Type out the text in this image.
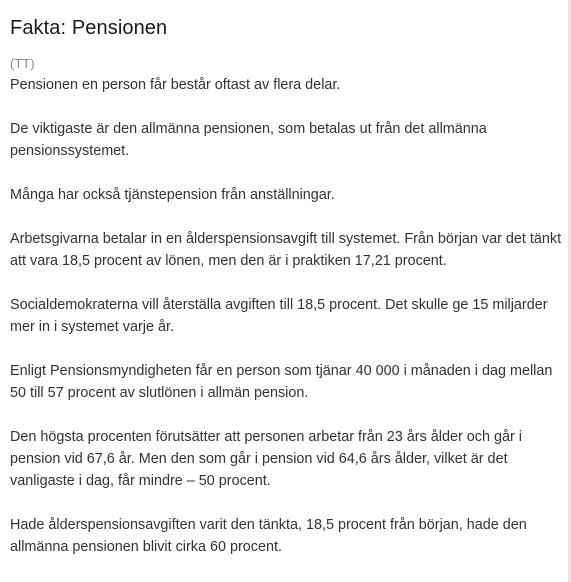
Fakta: Pensionen
(TT)

Pensionen en person får består oftast av flera delar.

De viktigaste är den allmänna pensionen, som betalas ut från det allmänna pensionssystemet.

Många har också tjänstepension från anställningar.

Arbetsgivarna betalar in en ålderspensionsavgift till systemet. Från början var det tänkt att vara 18,5 procent av lönen, men den är i praktiken 17,21 procent.

Socialdemokraterna vill återställa avgiften till 18,5 procent. Det skulle ge 15 miljarder mer in i systemet varje år.

Enligt Pensionsmyndigheten får en person som tjänar 40 000 i månaden i dag mellan 50 till 57 procent av slutlönen i allmän pension.

Den högsta procenten förutsätter att personen arbetar från 23 års ålder och går i pension vid 67,6 år. Men den som går i pension vid 64,6 års ålder, vilket är det vanligaste i dag, får mindre – 50 procent.

Hade ålderspensionsavgiften varit den tänkta, 18,5 procent från början, hade den allmänna pensionen blivit cirka 60 procent.
